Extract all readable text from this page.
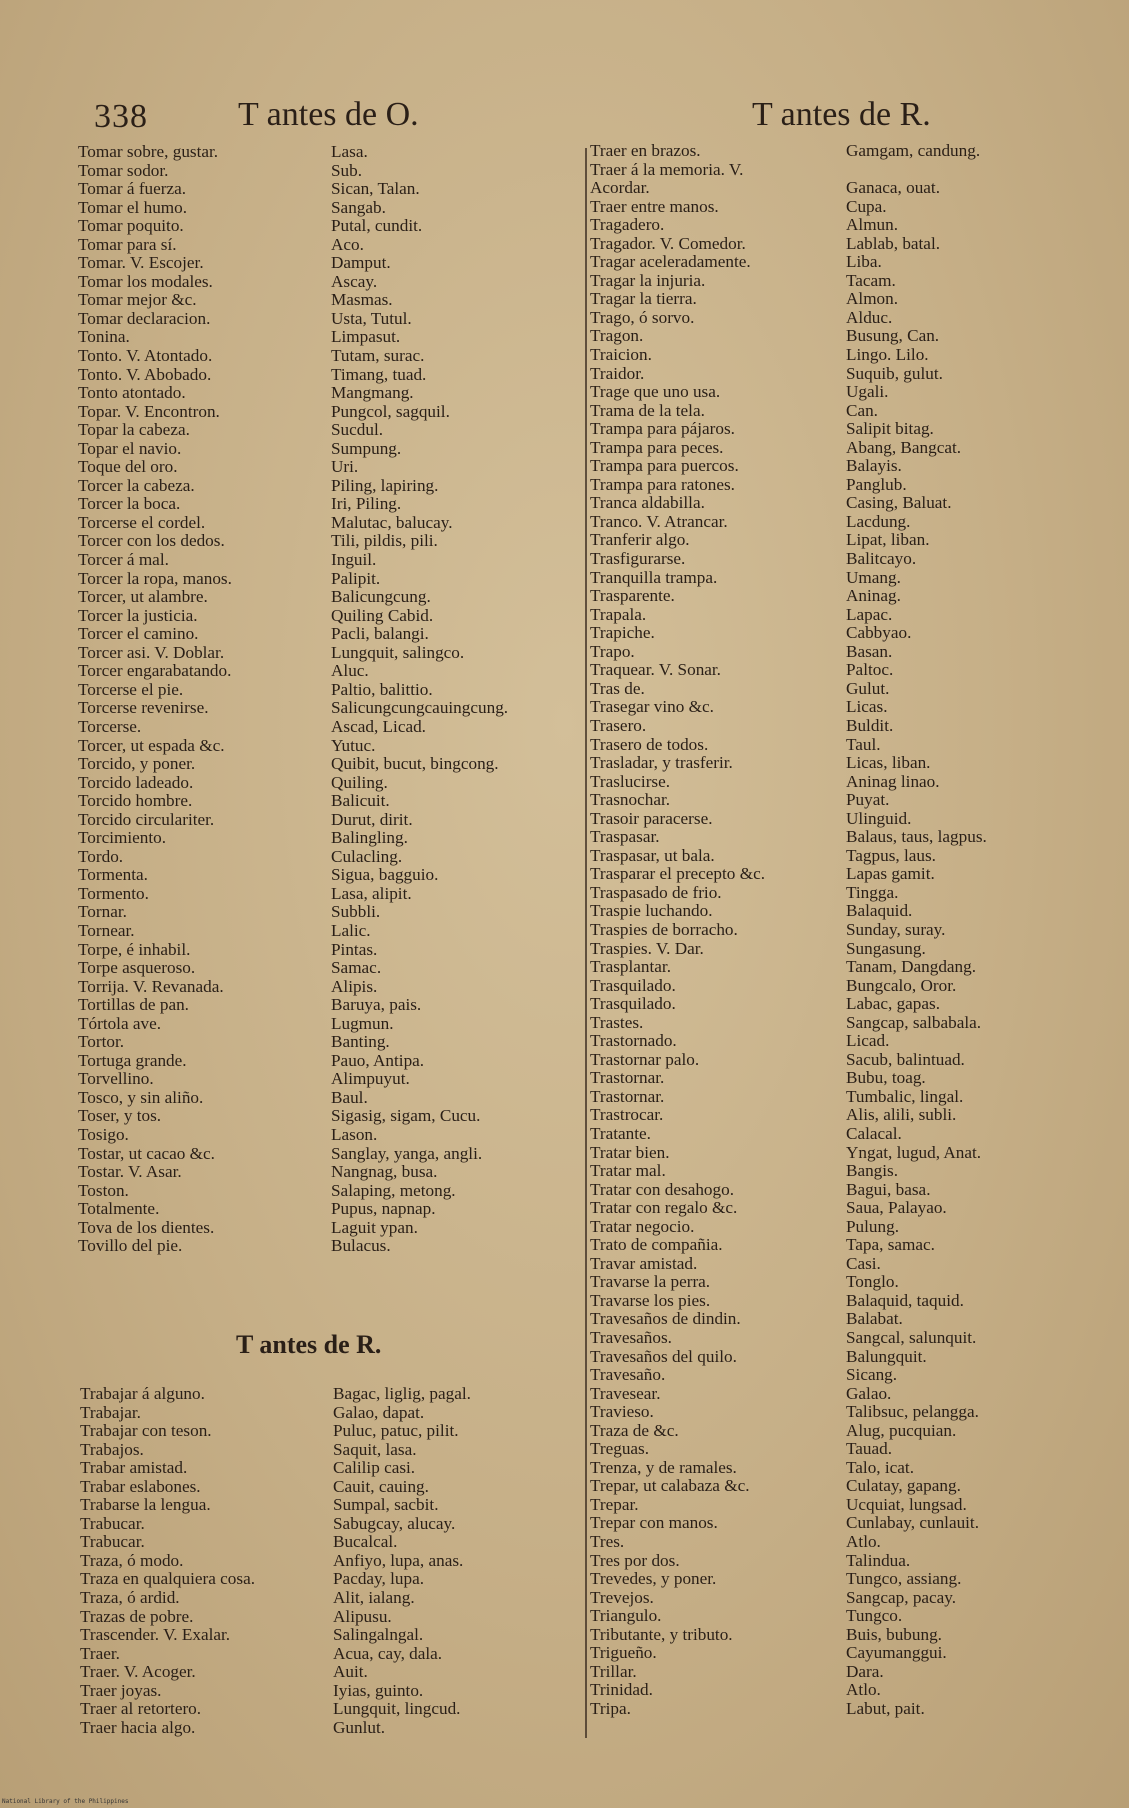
338	T antes de O.	T antes de R.
Tomar sobre, gustar.	Lasa.
Tomar sodor.	Sub.
Tomar á fuerza.	Sican, Talan.
Tomar el humo.	Sangab.
Tomar poquito.	Putal, cundit.
Tomar para sí.	Aco.
Tomar. V. Escojer.	Damput.
Tomar los modales.	Ascay.
Tomar mejor &c.	Masmas.
Tomar declaracion.	Usta, Tutul.
Tonina.	Limpasut.
Tonto. V. Atontado.	Tutam, surac.
Tonto. V. Abobado.	Timang, tuad.
Tonto atontado.	Mangmang.
Topar. V. Encontron.	Pungcol, sagquil.
Topar la cabeza.	Sucdul.
Topar el navio.	Sumpung.
Toque del oro.	Uri.
Torcer la cabeza.	Piling, lapiring.
Torcer la boca.	Iri, Piling.
Torcerse el cordel.	Malutac, balucay.
Torcer con los dedos.	Tili, pildis, pili.
Torcer á mal.	Inguil.
Torcer la ropa, manos.	Palipit.
Torcer, ut alambre.	Balicungcung.
Torcer la justicia.	Quiling Cabid.
Torcer el camino.	Pacli, balangi.
Torcer asi. V. Doblar.	Lungquit, salingco.
Torcer engarabatando.	Aluc.
Torcerse el pie.	Paltio, balittio.
Torcerse revenirse.	Salicungcungcauingcung.
Torcerse.	Ascad, Licad.
Torcer, ut espada &c.	Yutuc.
Torcido, y poner.	Quibit, bucut, bingcong.
Torcido ladeado.	Quiling.
Torcido hombre.	Balicuit.
Torcido circulariter.	Durut, dirit.
Torcimiento.	Balingling.
Tordo.	Culacling.
Tormenta.	Sigua, bagguio.
Tormento.	Lasa, alipit.
Tornar.	Subbli.
Tornear.	Lalic.
Torpe, é inhabil.	Pintas.
Torpe asqueroso.	Samac.
Torrija. V. Revanada.	Alipis.
Tortillas de pan.	Baruya, pais.
Tórtola ave.	Lugmun.
Tortor.	Banting.
Tortuga grande.	Pauo, Antipa.
Torvellino.	Alimpuyut.
Tosco, y sin aliño.	Baul.
Toser, y tos.	Sigasig, sigam, Cucu.
Tosigo.	Lason.
Tostar, ut cacao &c.	Sanglay, yanga, angli.
Tostar. V. Asar.	Nangnag, busa.
Toston.	Salaping, metong.
Totalmente.	Pupus, napnap.
Tova de los dientes.	Laguit ypan.
Tovillo del pie.	Bulacus.
T antes de R.
Trabajar á alguno.	Bagac, liglig, pagal.
Trabajar.	Galao, dapat.
Trabajar con teson.	Puluc, patuc, pilit.
Trabajos.	Saquit, lasa.
Trabar amistad.	Calilip casi.
Trabar eslabones.	Cauit, cauing.
Trabarse la lengua.	Sumpal, sacbit.
Trabucar.	Sabugcay, alucay.
Trabucar.	Bucalcal.
Traza, ó modo.	Anfiyo, lupa, anas.
Traza en qualquiera cosa.	Pacday, lupa.
Traza, ó ardid.	Alit, ialang.
Trazas de pobre.	Alipusu.
Trascender. V. Exalar.	Salingalngal.
Traer.	Acua, cay, dala.
Traer. V. Acoger.	Auit.
Traer joyas.	Iyias, guinto.
Traer al retortero.	Lungquit, lingcud.
Traer hacia algo.	Gunlut.
Traer en brazos.	Gamgam, candung.
Traer á la memoria. V.
Acordar.	Ganaca, ouat.
Traer entre manos.	Cupa.
Tragadero.	Almun.
Tragador. V. Comedor.	Lablab, batal.
Tragar aceleradamente.	Liba.
Tragar la injuria.	Tacam.
Tragar la tierra.	Almon.
Trago, ó sorvo.	Alduc.
Tragon.	Busung, Can.
Traicion.	Lingo. Lilo.
Traidor.	Suquib, gulut.
Trage que uno usa.	Ugali.
Trama de la tela.	Can.
Trampa para pájaros.	Salipit bitag.
Trampa para peces.	Abang, Bangcat.
Trampa para puercos.	Balayis.
Trampa para ratones.	Panglub.
Tranca aldabilla.	Casing, Baluat.
Tranco. V. Atrancar.	Lacdung.
Tranferir algo.	Lipat, liban.
Trasfigurarse.	Balitcayo.
Tranquilla trampa.	Umang.
Trasparente.	Aninag.
Trapala.	Lapac.
Trapiche.	Cabbyao.
Trapo.	Basan.
Traquear. V. Sonar.	Paltoc.
Tras de.	Gulut.
Trasegar vino &c.	Licas.
Trasero.	Buldit.
Trasero de todos.	Taul.
Trasladar, y trasferir.	Licas, liban.
Traslucirse.	Aninag linao.
Trasnochar.	Puyat.
Trasoir paracerse.	Ulinguid.
Traspasar.	Balaus, taus, lagpus.
Traspasar, ut bala.	Tagpus, laus.
Trasparar el precepto &c.	Lapas gamit.
Traspasado de frio.	Tingga.
Traspie luchando.	Balaquid.
Traspies de borracho.	Sunday, suray.
Traspies. V. Dar.	Sungasung.
Trasplantar.	Tanam, Dangdang.
Trasquilado.	Bungcalo, Oror.
Trasquilado.	Labac, gapas.
Trastes.	Sangcap, salbabala.
Trastornado.	Licad.
Trastornar palo.	Sacub, balintuad.
Trastornar.	Bubu, toag.
Trastornar.	Tumbalic, lingal.
Trastrocar.	Alis, alili, subli.
Tratante.	Calacal.
Tratar bien.	Yngat, lugud, Anat.
Tratar mal.	Bangis.
Tratar con desahogo.	Bagui, basa.
Tratar con regalo &c.	Saua, Palayao.
Tratar negocio.	Pulung.
Trato de compañia.	Tapa, samac.
Travar amistad.	Casi.
Travarse la perra.	Tonglo.
Travarse los pies.	Balaquid, taquid.
Travesaños de dindin.	Balabat.
Travesaños.	Sangcal, salunquit.
Travesaños del quilo.	Balungquit.
Travesaño.	Sicang.
Travesear.	Galao.
Travieso.	Talibsuc, pelangga.
Traza de &c.	Alug, pucquian.
Treguas.	Tauad.
Trenza, y de ramales.	Talo, icat.
Trepar, ut calabaza &c.	Culatay, gapang.
Trepar.	Ucquiat, lungsad.
Trepar con manos.	Cunlabay, cunlauit.
Tres.	Atlo.
Tres por dos.	Talindua.
Trevedes, y poner.	Tungco, assiang.
Trevejos.	Sangcap, pacay.
Triangulo.	Tungco.
Tributante, y tributo.	Buis, bubung.
Trigueño.	Cayumanggui.
Trillar.	Dara.
Trinidad.	Atlo.
Tripa.	Labut, pait.
National Library of the Philippines
